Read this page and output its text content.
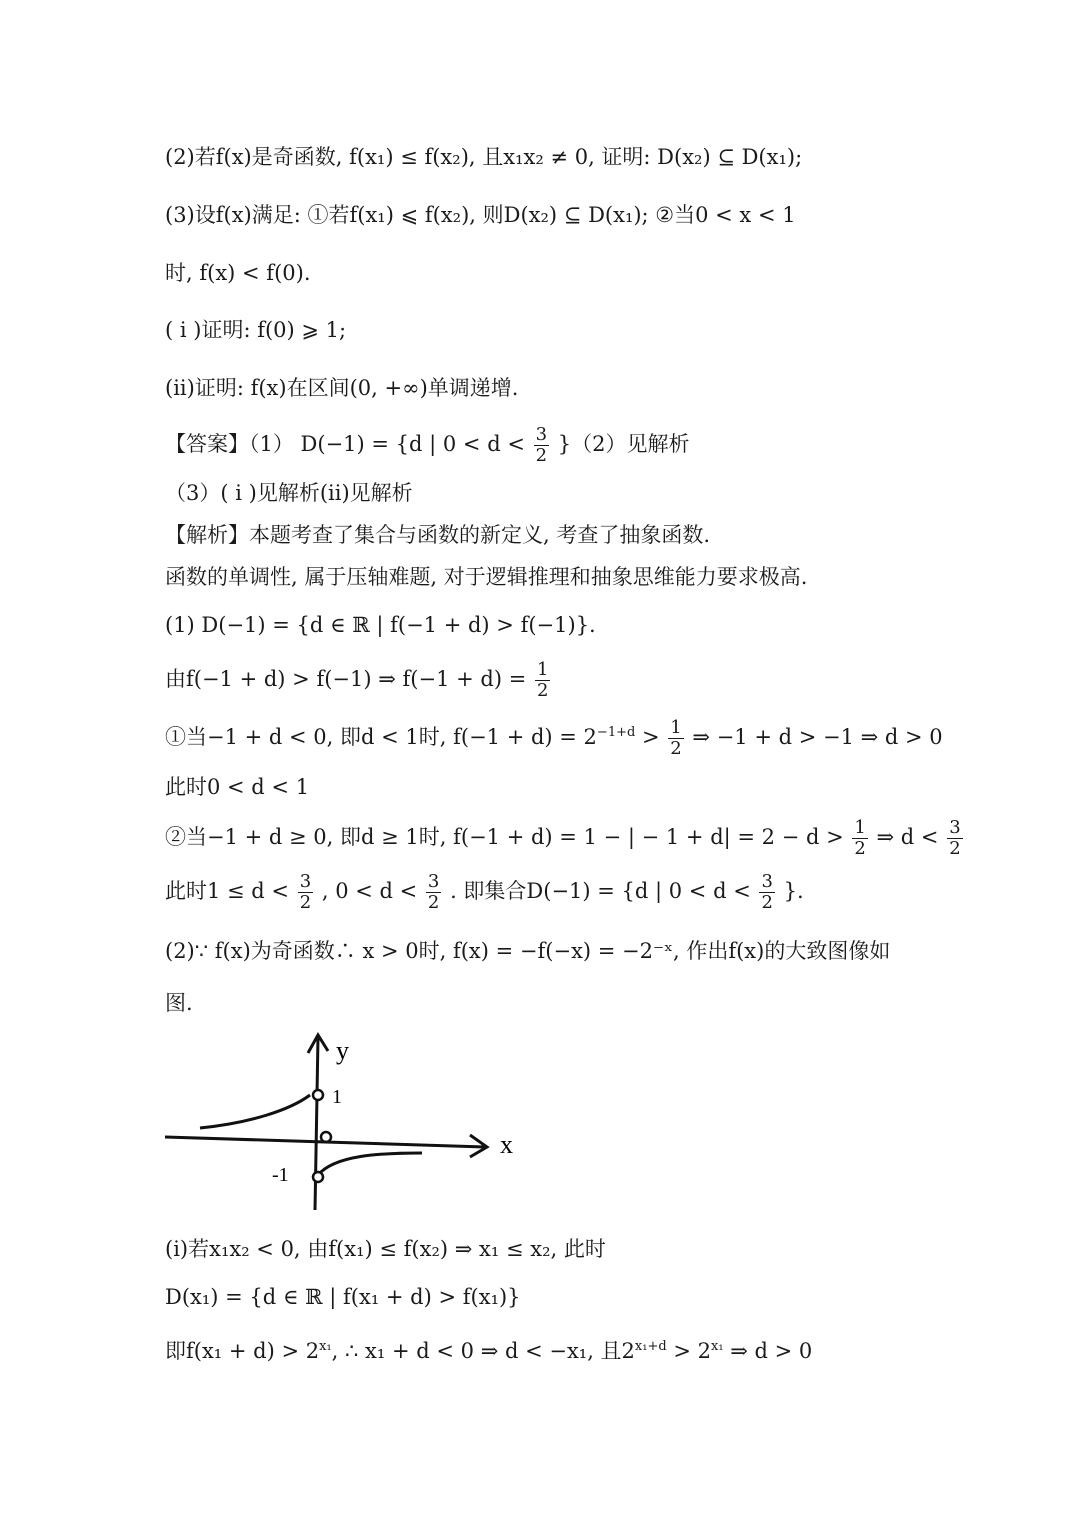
(2)若f(x)是奇函数, f(x₁) ≤ f(x₂), 且x₁x₂ ≠ 0, 证明: D(x₂) ⊆ D(x₁);
(3)设f(x)满足: ①若f(x₁) ⩽ f(x₂), 则D(x₂) ⊆ D(x₁); ②当0 < x < 1
时, f(x) < f(0).
( i )证明: f(0) ⩾ 1;
(ii)证明: f(x)在区间(0, +∞)单调递增.
【答案】（1） D(−1) = {d | $0 < d < \frac{3}{2} \}(2)$见解析
（3）( i )见解析(ii)见解析
【解析】本题考查了集合与函数的新定义, 考查了抽象函数.
函数的单调性, 属于压轴难题, 对于逻辑推理和抽象思维能力要求极高.
(1) D(−1) = {d ∈ ℝ | f(−1 + d) > f(−1)}.
由f(−1 + d) > f(−1) ⇒ $f(-1 + d) = \frac{1}{2}$
①当−1 + d < 0, 即d < 1时, $f(-1 + d) = 2^{-1+d} > \frac{1}{2}$ ⇒ −1 + d > −1 ⇒ d > 0
此时0 < d < 1
②当−1 + d ≥ 0, 即d ≥ 1时, f(−1 + d) = 1 − | − $1 + d| = 2 - d > \frac{1}{2}$ ⇒ $d < \frac{3}{2}$
此时$1 \le d < \frac{3}{2}$ , $0 < d < \frac{3}{2}$ . 即集合D(−1) = {d | $0 < d < \frac{3}{2}$ }.
(2)∵ f(x)为奇函数∴ x > 0时, f(x) = −f(−x) = −2⁻ˣ, 作出f(x)的大致图像如
图.
y
x
1
-1
(i)若x₁x₂ < 0, 由f(x₁) ≤ f(x₂) ⇒ x₁ ≤ x₂, 此时
D(x₁) = {d ∈ ℝ | f(x₁ + d) > f(x₁)}
即$f(x_1 + d) > 2^{x_1}$, ∴ x₁ + d < 0 ⇒ d < −x₁, 且$2^{x_1+d} > 2^{x_1}$ ⇒ d > 0
